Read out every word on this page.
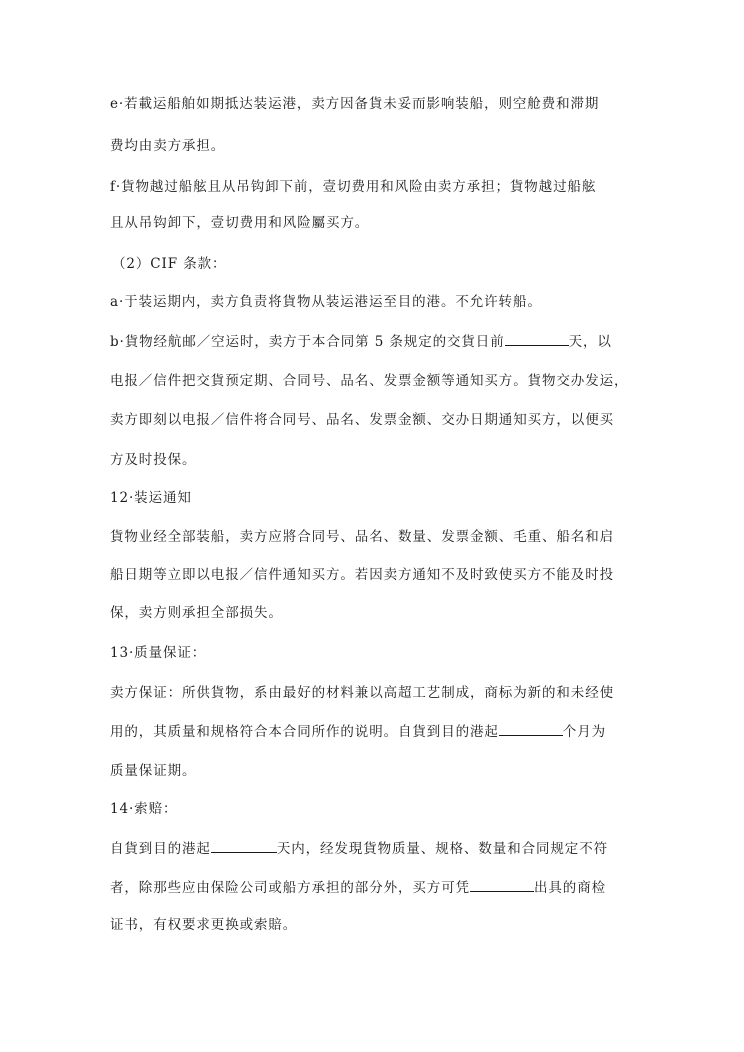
e·若載运船舶如期抵达装运港，卖方因备貨未妥而影响装船，则空舱费和滞期
费均由卖方承担。
f·貨物越过船舷且从吊钩卸下前，壹切费用和风险由卖方承担；貨物越过船舷
且从吊钩卸下，壹切费用和风险屬买方。
（2）CIF 条款：
a·于装运期内，卖方負责将貨物从装运港运至目的港。不允许转船。
b·貨物经航邮／空运时，卖方于本合同第 5 条规定的交貨日前	天，以
电报／信件把交貨预定期、合同号、品名、发票金额等通知买方。貨物交办发运，
卖方即刻以电报／信件将合同号、品名、发票金额、交办日期通知买方，以便买
方及时投保。
12·装运通知
貨物业经全部装船，卖方应將合同号、品名、数量、发票金额、毛重、船名和启
船日期等立即以电报／信件通知买方。若因卖方通知不及时致使买方不能及时投
保，卖方则承担全部损失。
13·质量保证：
卖方保证：所供貨物，系由最好的材料兼以高超工艺制成，商标为新的和未经使
用的，其质量和规格符合本合同所作的说明。自貨到目的港起	个月为
质量保证期。
14·索赔：
自貨到目的港起	天内，经发現貨物质量、规格、数量和合同规定不符
者，除那些应由保险公司或船方承担的部分外，买方可凭	出具的商检
证书，有权要求更换或索賠。
